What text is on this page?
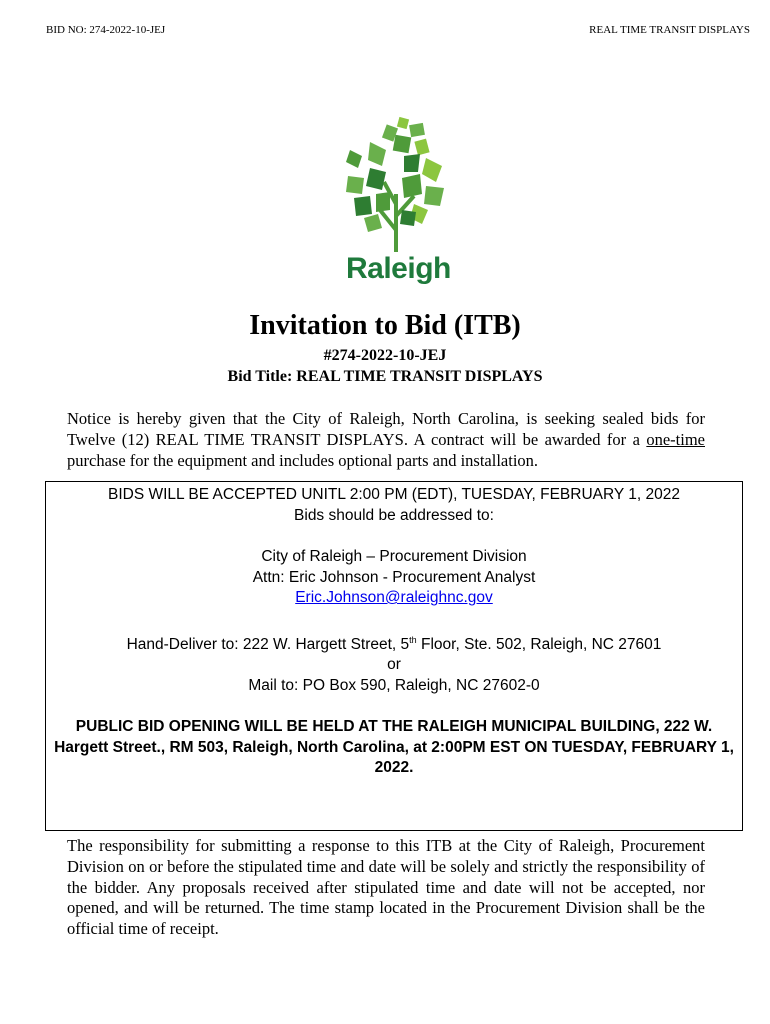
BID NO: 274-2022-10-JEJ	REAL TIME TRANSIT DISPLAYS
Raleigh
Invitation to Bid (ITB)
#274-2022-10-JEJ
Bid Title: REAL TIME TRANSIT DISPLAYS
Notice is hereby given that the City of Raleigh, North Carolina, is seeking sealed bids for Twelve (12) REAL TIME TRANSIT DISPLAYS. A contract will be awarded for a one-time purchase for the equipment and includes optional parts and installation.

BIDS WILL BE ACCEPTED UNITL 2:00 PM (EDT), TUESDAY, FEBRUARY 1, 2022

Bids should be addressed to:

City of Raleigh – Procurement Division

Attn: Eric Johnson - Procurement Analyst

Eric.Johnson@raleighnc.gov

Hand-Deliver to: 222 W. Hargett Street, 5th Floor, Ste. 502, Raleigh, NC 27601

or

Mail to: PO Box 590, Raleigh, NC 27602-0

PUBLIC BID OPENING WILL BE HELD AT THE RALEIGH MUNICIPAL BUILDING, 222 W. Hargett Street., RM 503, Raleigh, North Carolina, at 2:00PM EST ON TUESDAY, FEBRUARY 1, 2022.

The responsibility for submitting a response to this ITB at the City of Raleigh, Procurement Division on or before the stipulated time and date will be solely and strictly the responsibility of the bidder. Any proposals received after stipulated time and date will not be accepted, nor opened, and will be returned. The time stamp located in the Procurement Division shall be the official time of receipt.
